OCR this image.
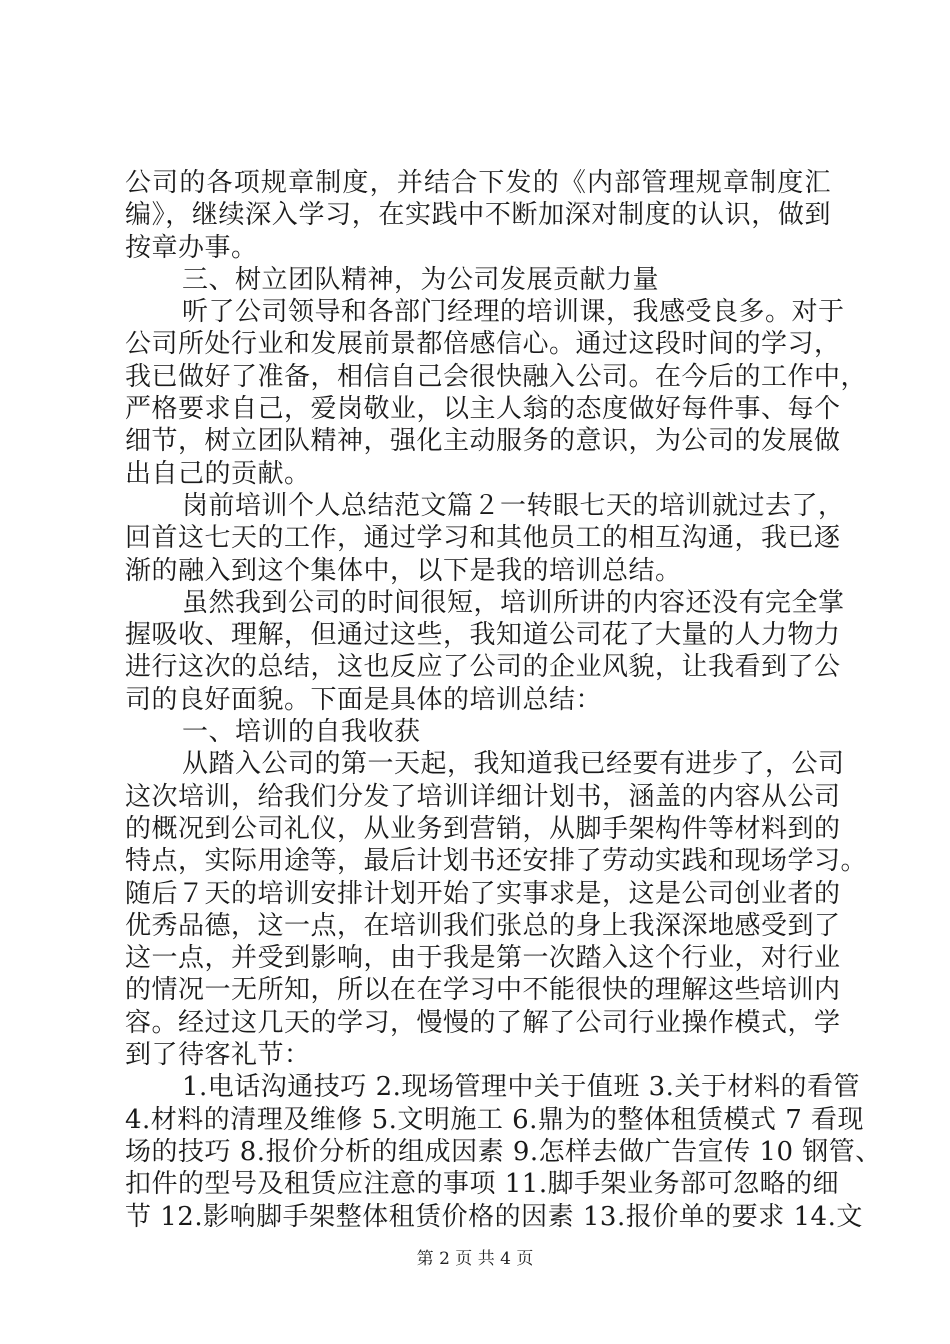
公司的各项规章制度，并结合下发的《内部管理规章制度汇
编》，继续深入学习，在实践中不断加深对制度的认识，做到
按章办事。
三、树立团队精神，为公司发展贡献力量
听了公司领导和各部门经理的培训课，我感受良多。对于
公司所处行业和发展前景都倍感信心。通过这段时间的学习，
我已做好了准备，相信自己会很快融入公司。在今后的工作中，
严格要求自己，爱岗敬业，以主人翁的态度做好每件事、每个
细节，树立团队精神，强化主动服务的意识，为公司的发展做
出自己的贡献。
岗前培训个人总结范文篇２一转眼七天的培训就过去了，
回首这七天的工作，通过学习和其他员工的相互沟通，我已逐
渐的融入到这个集体中，以下是我的培训总结。
虽然我到公司的时间很短，培训所讲的内容还没有完全掌
握吸收、理解，但通过这些，我知道公司花了大量的人力物力
进行这次的总结，这也反应了公司的企业风貌，让我看到了公
司的良好面貌。下面是具体的培训总结：
一、培训的自我收获
从踏入公司的第一天起，我知道我已经要有进步了，公司
这次培训，给我们分发了培训详细计划书，涵盖的内容从公司
的概况到公司礼仪，从业务到营销，从脚手架构件等材料到的
特点，实际用途等，最后计划书还安排了劳动实践和现场学习。
随后７天的培训安排计划开始了实事求是，这是公司创业者的
优秀品德，这一点，在培训我们张总的身上我深深地感受到了
这一点，并受到影响，由于我是第一次踏入这个行业，对行业
的情况一无所知，所以在在学习中不能很快的理解这些培训内
容。经过这几天的学习，慢慢的了解了公司行业操作模式，学
到了待客礼节：
1.电话沟通技巧 2.现场管理中关于值班 3.关于材料的看管
4.材料的清理及维修 5.文明施工 6.鼎为的整体租赁模式 7 看现
场的技巧 8.报价分析的组成因素 9.怎样去做广告宣传 10 钢管、
扣件的型号及租赁应注意的事项 11.脚手架业务部可忽略的细
节 12.影响脚手架整体租赁价格的因素 13.报价单的要求 14.文
第 2 页 共 4 页
